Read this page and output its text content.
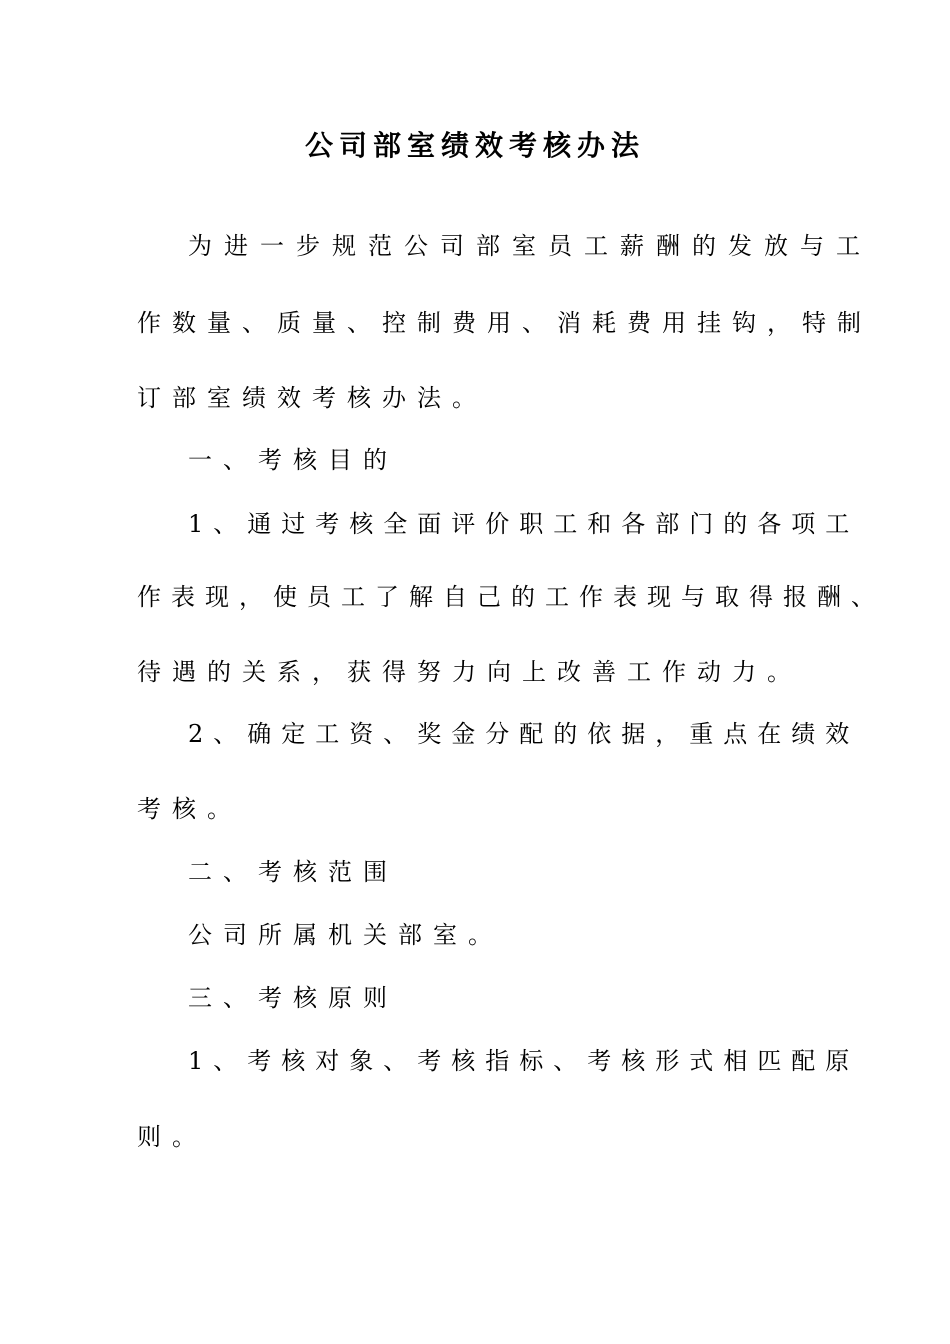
公司部室绩效考核办法
为进一步规范公司部室员工薪酬的发放与工
作数量、质量、控制费用、消耗费用挂钩，特制
订部室绩效考核办法。
一、考核目的
1、通过考核全面评价职工和各部门的各项工
作表现，使员工了解自己的工作表现与取得报酬、
待遇的关系，获得努力向上改善工作动力。
2、确定工资、奖金分配的依据，重点在绩效
考核。
二、考核范围
公司所属机关部室。
三、考核原则
1、考核对象、考核指标、考核形式相匹配原
则。
